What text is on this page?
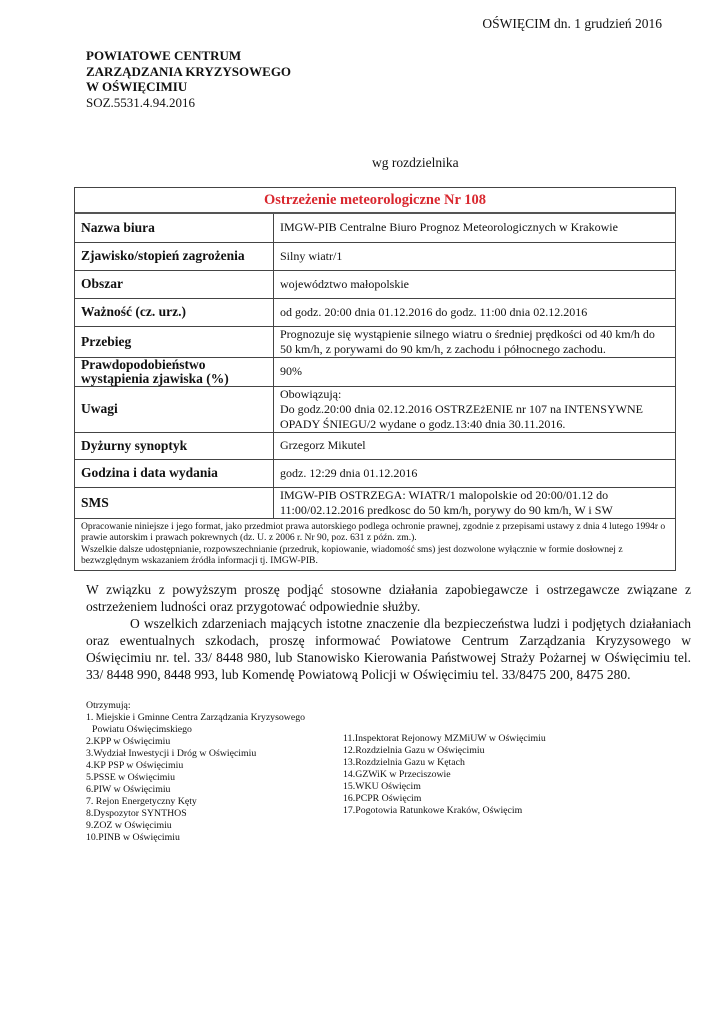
OŚWIĘCIM dn. 1 grudzień 2016
POWIATOWE CENTRUM
ZARZĄDZANIA KRYZYSOWEGO
W OŚWIĘCIMIU
SOZ.5531.4.94.2016
wg rozdzielnika
Ostrzeżenie meteorologiczne Nr 108	
Nazwa biura	IMGW-PIB Centralne Biuro Prognoz Meteorologicznych w Krakowie
Zjawisko/stopień zagrożenia	Silny wiatr/1
Obszar	województwo małopolskie
Ważność (cz. urz.)	od godz. 20:00 dnia 01.12.2016 do godz. 11:00 dnia 02.12.2016
Przebieg	Prognozuje się wystąpienie silnego wiatru o średniej prędkości od 40 km/h do 50 km/h, z porywami do 90 km/h, z zachodu i północnego zachodu.
Prawdopodobieństwo wystąpienia zjawiska (%)	90%
Uwagi	Obowiązują:
Do godz.20:00 dnia 02.12.2016 OSTRZEżENIE nr 107 na INTENSYWNE OPADY ŚNIEGU/2 wydane o godz.13:40 dnia 30.11.2016.

Dyżurny synoptyk	Grzegorz Mikutel
Godzina i data wydania	godz. 12:29 dnia 01.12.2016
SMS	IMGW-PIB OSTRZEGA: WIATR/1 malopolskie od 20:00/01.12 do 11:00/02.12.2016 predkosc do 50 km/h, porywy do 90 km/h, W i SW

Opracowanie niniejsze i jego format, jako przedmiot prawa autorskiego podlega ochronie prawnej, zgodnie z przepisami ustawy z dnia 4 lutego 1994r o prawie autorskim i prawach pokrewnych (dz. U. z 2006 r. Nr 90, poz. 631 z późn. zm.).
Wszelkie dalsze udostępnianie, rozpowszechnianie (przedruk, kopiowanie, wiadomość sms) jest dozwolone wyłącznie w formie dosłownej z bezwzględnym wskazaniem źródła informacji tj. IMGW-PIB.	
W związku z powyższym proszę podjąć stosowne działania zapobiegawcze i ostrzegawcze związane z ostrzeżeniem ludności oraz przygotować odpowiednie służby.
O wszelkich zdarzeniach mających istotne znaczenie dla bezpieczeństwa ludzi i podjętych działaniach oraz ewentualnych szkodach, proszę informować Powiatowe Centrum Zarządzania Kryzysowego w Oświęcimiu nr. tel. 33/ 8448 980, lub Stanowisko Kierowania Państwowej Straży Pożarnej w Oświęcimiu tel. 33/ 8448 990, 8448 993, lub Komendę Powiatową Policji w Oświęcimiu tel. 33/8475 200, 8475 280.
Otrzymują:
1. Miejskie i Gminne Centra Zarządzania Kryzysowego
Powiatu Oświęcimskiego
2.KPP w Oświęcimiu
3.Wydział Inwestycji i Dróg w Oświęcimiu
4.KP PSP w Oświęcimiu
5.PSSE w Oświęcimiu
6.PIW w Oświęcimiu
7. Rejon Energetyczny Kęty
8.Dyspozytor SYNTHOS
9.ZOZ w Oświęcimiu
10.PINB w Oświęcimiu
11.Inspektorat Rejonowy MZMiUW w Oświęcimiu
12.Rozdzielnia Gazu w Oświęcimiu
13.Rozdzielnia Gazu w Kętach
14.GZWiK w Przeciszowie
15.WKU Oświęcim
16.PCPR Oświęcim
17.Pogotowia Ratunkowe Kraków, Oświęcim
